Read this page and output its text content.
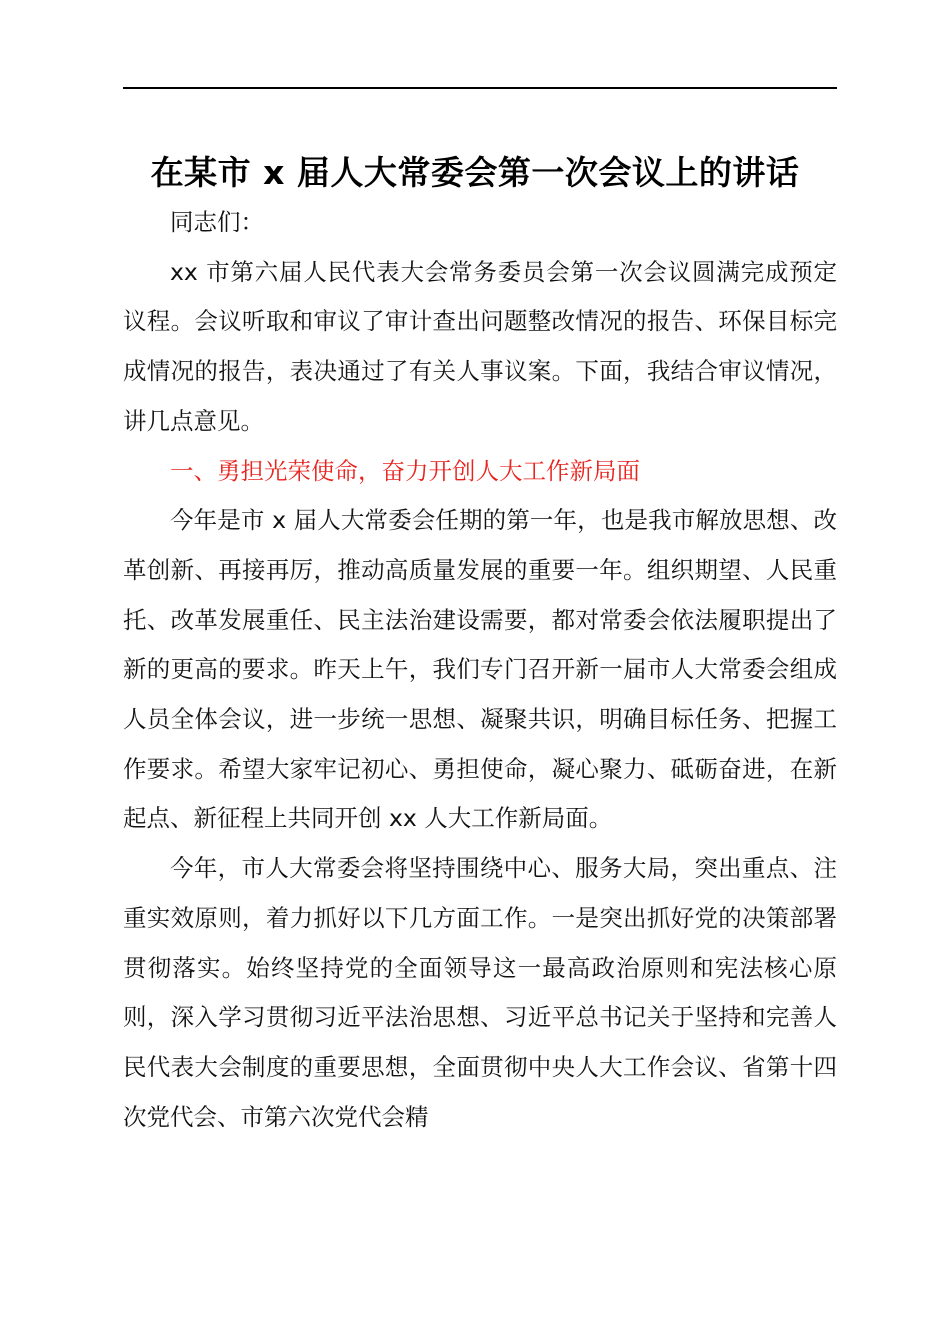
在某市 x 届人大常委会第一次会议上的讲话

同志们：

xx 市第六届人民代表大会常务委员会第一次会议圆满完成预定议程。会议听取和审议了审计查出问题整改情况的报告、环保目标完成情况的报告，表决通过了有关人事议案。下面，我结合审议情况，讲几点意见。

一、勇担光荣使命，奋力开创人大工作新局面

今年是市 x 届人大常委会任期的第一年，也是我市解放思想、改革创新、再接再厉，推动高质量发展的重要一年。组织期望、人民重托、改革发展重任、民主法治建设需要，都对常委会依法履职提出了新的更高的要求。昨天上午，我们专门召开新一届市人大常委会组成人员全体会议，进一步统一思想、凝聚共识，明确目标任务、把握工作要求。希望大家牢记初心、勇担使命，凝心聚力、砥砺奋进，在新起点、新征程上共同开创 xx 人大工作新局面。

今年，市人大常委会将坚持围绕中心、服务大局，突出重点、注重实效原则，着力抓好以下几方面工作。一是突出抓好党的决策部署贯彻落实。始终坚持党的全面领导这一最高政治原则和宪法核心原则，深入学习贯彻习近平法治思想、习近平总书记关于坚持和完善人民代表大会制度的重要思想，全面贯彻中央人大工作会议、省第十四次党代会、市第六次党代会精
